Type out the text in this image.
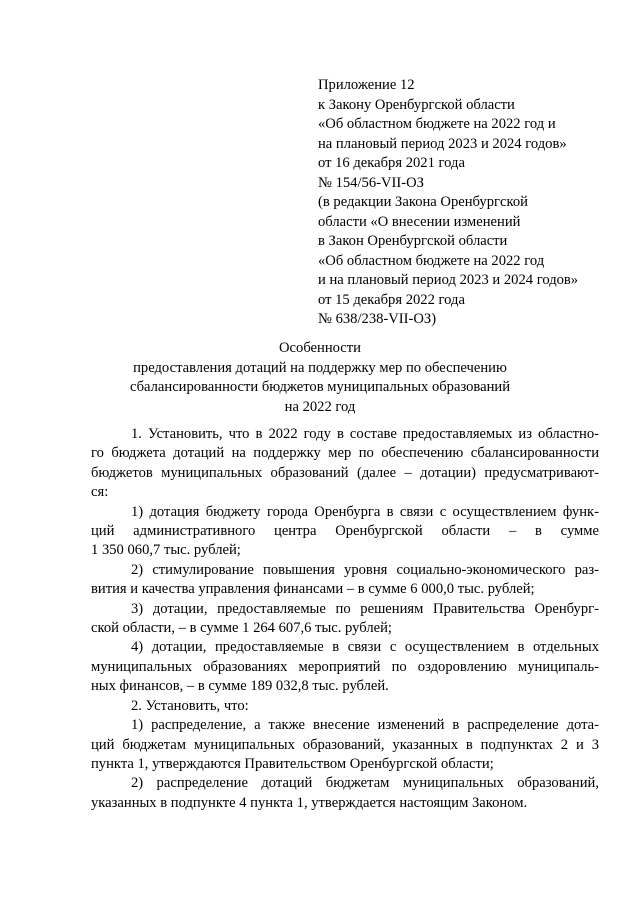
Приложение 12
к Закону Оренбургской области
«Об областном бюджете на 2022 год и
на плановый период 2023 и 2024 годов»
от 16 декабря 2021 года
№ 154/56-VII-ОЗ
(в редакции Закона Оренбургской
области «О внесении изменений
в Закон Оренбургской области
«Об областном бюджете на 2022 год
и на плановый период 2023 и 2024 годов»
от 15 декабря 2022 года
№ 638/238-VII-ОЗ)
Особенности
предоставления дотаций на поддержку мер по обеспечению
сбалансированности бюджетов муниципальных образований
на 2022 год
1. Установить, что в 2022 году в составе предоставляемых из областно-
го бюджета дотаций на поддержку мер по обеспечению сбалансированности
бюджетов муниципальных образований (далее – дотации) предусматривают-
ся:
1) дотация бюджету города Оренбурга в связи с осуществлением функ-
ций административного центра Оренбургской области – в сумме
1 350 060,7 тыс. рублей;
2) стимулирование повышения уровня социально-экономического раз-
вития и качества управления финансами – в сумме 6 000,0 тыс. рублей;
3) дотации, предоставляемые по решениям Правительства Оренбург-
ской области, – в сумме 1 264 607,6 тыс. рублей;
4) дотации, предоставляемые в связи с осуществлением в отдельных
муниципальных образованиях мероприятий по оздоровлению муниципаль-
ных финансов, – в сумме 189 032,8 тыс. рублей.
2. Установить, что:
1) распределение, а также внесение изменений в распределение дота-
ций бюджетам муниципальных образований, указанных в подпунктах 2 и 3
пункта 1, утверждаются Правительством Оренбургской области;
2) распределение дотаций бюджетам муниципальных образований,
указанных в подпункте 4 пункта 1, утверждается настоящим Законом.
